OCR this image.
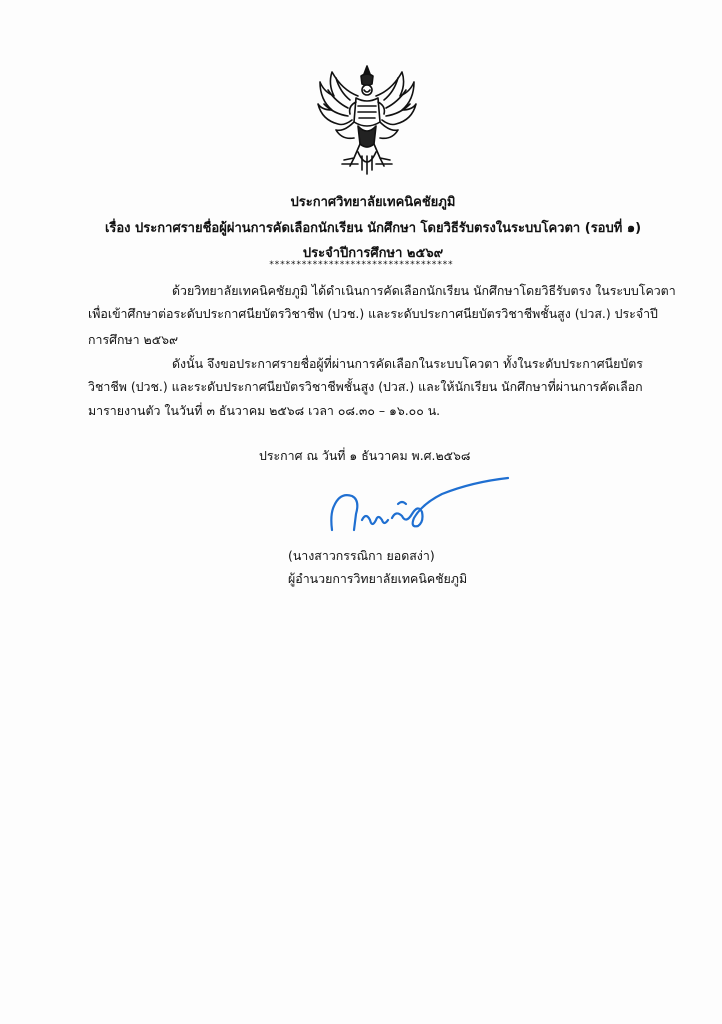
ประกาศวิทยาลัยเทคนิคชัยภูมิ
เรื่อง ประกาศรายชื่อผู้ผ่านการคัดเลือกนักเรียน นักศึกษา โดยวิธีรับตรงในระบบโควตา (รอบที่ ๑)
ประจำปีการศึกษา ๒๕๖๙
**********************************
ด้วยวิทยาลัยเทคนิคชัยภูมิ ได้ดำเนินการคัดเลือกนักเรียน นักศึกษาโดยวิธีรับตรง ในระบบโควตา
เพื่อเข้าศึกษาต่อระดับประกาศนียบัตรวิชาชีพ (ปวช.) และระดับประกาศนียบัตรวิชาชีพชั้นสูง (ปวส.) ประจำปี
การศึกษา ๒๕๖๙
ดังนั้น จึงขอประกาศรายชื่อผู้ที่ผ่านการคัดเลือกในระบบโควตา ทั้งในระดับประกาศนียบัตร
วิชาชีพ (ปวช.) และระดับประกาศนียบัตรวิชาชีพชั้นสูง (ปวส.) และให้นักเรียน นักศึกษาที่ผ่านการคัดเลือก
มารายงานตัว ในวันที่ ๓ ธันวาคม ๒๕๖๘ เวลา ๐๘.๓๐ – ๑๖.๐๐ น.
ประกาศ ณ วันที่ ๑ ธันวาคม พ.ศ.๒๕๖๘
(นางสาวกรรณิกา ยอดสง่า)
ผู้อำนวยการวิทยาลัยเทคนิคชัยภูมิ
